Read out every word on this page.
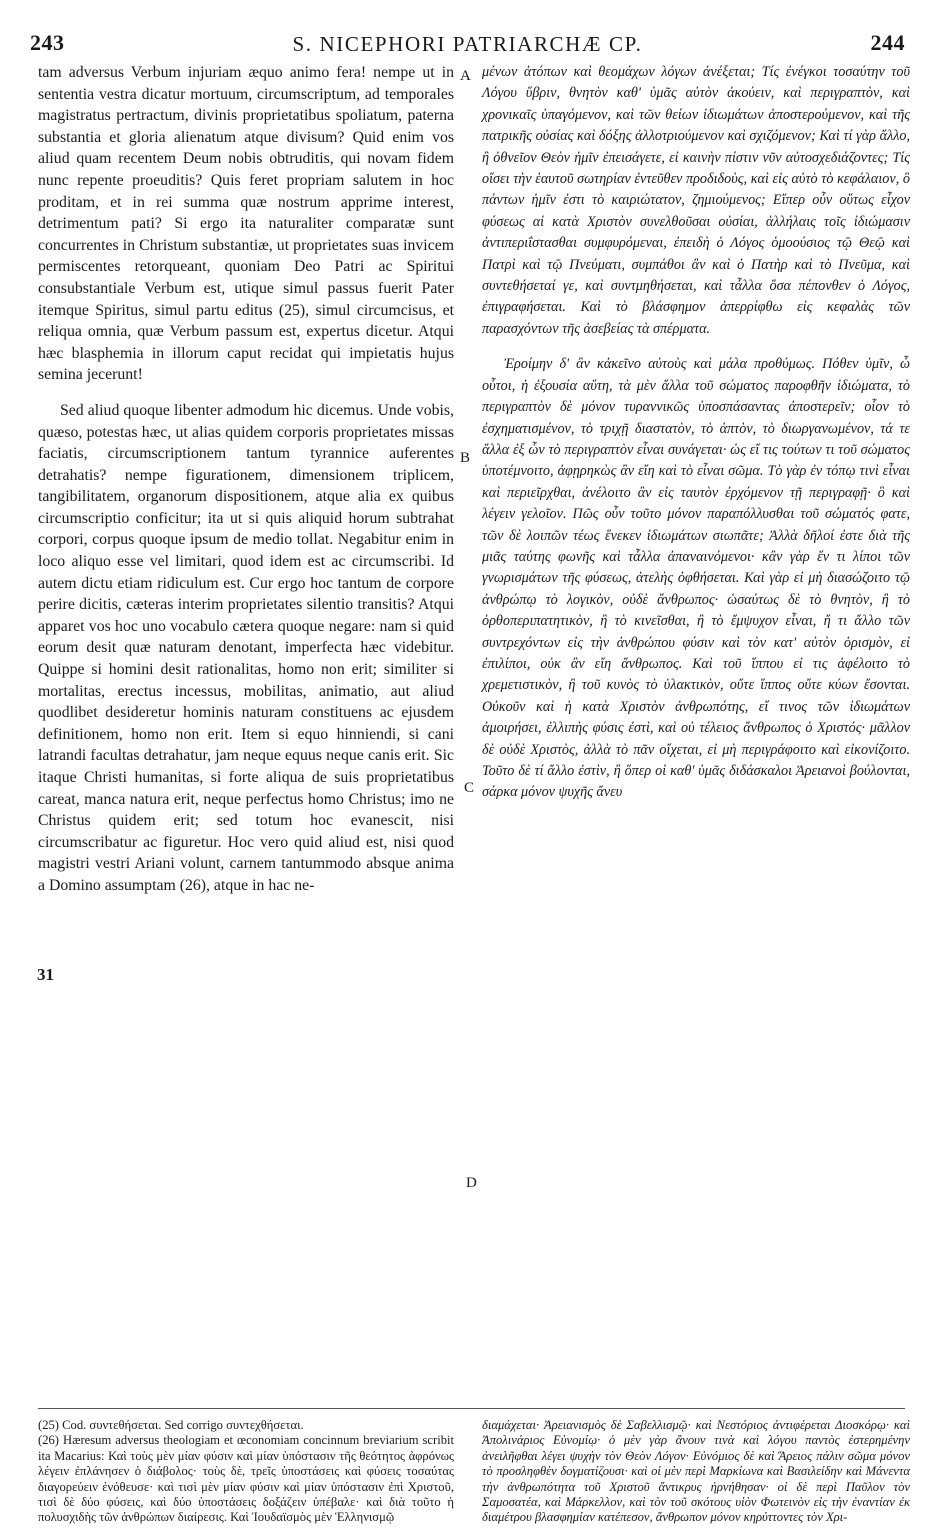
243	S. NICEPHORI PATRIARCHÆ CP.	244

tam adversus Verbum injuriam æquo animo fera! nempe ut in sententia vestra dicatur mortuum, circumscriptum, ad temporales magistratus pertractum, divinis proprietatibus spoliatum, paterna substantia et gloria alienatum atque divisum? Quid enim vos aliud quam recentem Deum nobis obtruditis, qui novam fidem nunc repente proeuditis? Quis feret propriam salutem in hoc proditam, et in rei summa quæ nostrum apprime interest, detrimentum pati? Si ergo ita naturaliter comparatæ sunt concurrentes in Christum substantiæ, ut proprietates suas invicem permiscentes retorqueant, quoniam Deo Patri ac Spiritui consubstantiale Verbum est, utique simul passus fuerit Pater itemque Spiritus, simul partu editus (25), simul circumcisus, et reliqua omnia, quæ Verbum passum est, expertus dicetur. Atqui hæc blasphemia in illorum caput recidat qui impietatis hujus semina jecerunt!

Sed aliud quoque libenter admodum hic dicemus. Unde vobis, quæso, potestas hæc, ut alias quidem corporis proprietates missas faciatis, circumscriptionem tantum tyrannice auferentes detrahatis? nempe figurationem, dimensionem triplicem, tangibilitatem, organorum dispositionem, atque alia ex quibus circumscriptio conficitur; ita ut si quis aliquid horum subtrahat corpori, corpus quoque ipsum de medio tollat. Negabitur enim in loco aliquo esse vel limitari, quod idem est ac circumscribi. Id autem dictu etiam ridiculum est. Cur ergo hoc tantum de corpore perire dicitis, cæteras interim proprietates silentio transitis? Atqui apparet vos hoc uno vocabulo cætera quoque negare: nam si quid eorum desit quæ naturam denotant, imperfecta hæc videbitur. Quippe si homini desit rationalitas, homo non erit; similiter si mortalitas, erectus incessus, mobilitas, animatio, aut aliud quodlibet desideretur hominis naturam constituens ac ejusdem definitionem, homo non erit. Item si equo hinniendi, si cani latrandi facultas detrahatur, jam neque equus neque canis erit. Sic itaque Christi humanitas, si forte aliqua de suis proprietatibus careat, manca natura erit, neque perfectus homo Christus; imo ne Christus quidem erit; sed totum hoc evanescit, nisi circumscribatur ac figuretur. Hoc vero quid aliud est, nisi quod magistri vestri Ariani volunt, carnem tantummodo absque anima a Domino assumptam (26), atque in hac ne-

A
B
C
D
31

μένων ἀτόπων καὶ θεομάχων λόγων ἀνέξεται; Τίς ἐνέγκοι τοσαύτην τοῦ Λόγου ὕβριν, θνητὸν καθ' ὑμᾶς αὐτὸν ἀκούειν, καὶ περιγραπτὸν, καὶ χρονικαῖς ὑπαγόμενον, καὶ τῶν θείων ἰδιωμάτων ἀποστερούμενον, καὶ τῆς πατρικῆς οὐσίας καὶ δόξης ἀλλοτριούμενον καὶ σχιζόμενον; Καὶ τί γὰρ ἄλλο, ἢ ὀθνεῖον Θεὸν ἡμῖν ἐπεισάγετε, εἰ καινὴν πίστιν νῦν αὐτοσχεδιάζοντες; Τίς οἴσει τὴν ἑαυτοῦ σωτηρίαν ἐντεῦθεν προδιδοὺς, καὶ εἰς αὐτὸ τὸ κεφάλαιον, ὃ πάντων ἡμῖν ἐστι τὸ καιριώτατον, ζημιούμενος; Εἴπερ οὖν οὕτως εἶχον φύσεως αἱ κατὰ Χριστὸν συνελθοῦσαι οὐσίαι, ἀλλήλαις τοῖς ἰδιώμασιν ἀντιπεριΐστασθαι συμφυρόμεναι, ἐπειδὴ ὁ Λόγος ὁμοούσιος τῷ Θεῷ καὶ Πατρὶ καὶ τῷ Πνεύματι, συμπάθοι ἂν καὶ ὁ Πατὴρ καὶ τὸ Πνεῦμα, καὶ συντεθήσεταί γε, καὶ συντμηθήσεται, καὶ τἆλλα ὅσα πέπονθεν ὁ Λόγος, ἐπιγραφήσεται. Καὶ τὸ βλάσφημον ἀπερρίφθω εἰς κεφαλὰς τῶν παρασχόντων τῆς ἀσεβείας τὰ σπέρματα.

Ἐροίμην δ' ἂν κἀκεῖνο αὐτοὺς καὶ μάλα προθύμως. Πόθεν ὑμῖν, ὦ οὗτοι, ἡ ἐξουσία αὕτη, τὰ μὲν ἄλλα τοῦ σώματος παροφθῆν ἰδιώματα, τὸ περιγραπτὸν δὲ μόνον τυραννικῶς ὑποσπάσαντας ἀποστερεῖν; οἷον τὸ ἐσχηματισμένον, τὸ τριχῇ διαστατὸν, τὸ ἁπτὸν, τὸ διωργανωμένον, τά τε ἄλλα ἐξ ὧν τὸ περιγραπτὸν εἶναι συνάγεται· ὡς εἴ τις τούτων τι τοῦ σώματος ὑποτέμνοιτο, ἀφῃρηκὼς ἂν εἴη καὶ τὸ εἶναι σῶμα. Τὸ γὰρ ἐν τόπῳ τινὶ εἶναι καὶ περιεῖρχθαι, ἀνέλοιτο ἂν εἰς ταυτὸν ἐρχόμενον τῇ περιγραφῇ· ὃ καὶ λέγειν γελοῖον. Πῶς οὖν τοῦτο μόνον παραπόλλυσθαι τοῦ σώματός φατε, τῶν δὲ λοιπῶν τέως ἕνεκεν ἰδιωμάτων σιωπᾶτε; Ἀλλὰ δῆλοί ἐστε διὰ τῆς μιᾶς ταύτης φωνῆς καὶ τἆλλα ἀπαναινόμενοι· κἂν γὰρ ἕν τι λίποι τῶν γνωρισμάτων τῆς φύσεως, ἀτελὴς ὀφθήσεται. Καὶ γὰρ εἰ μὴ διασώζοιτο τῷ ἀνθρώπῳ τὸ λογικὸν, οὐδὲ ἄνθρωπος· ὡσαύτως δὲ τὸ θνητὸν, ἢ τὸ ὀρθοπεριπατητικὸν, ἢ τὸ κινεῖσθαι, ἢ τὸ ἔμψυχον εἶναι, ἤ τι ἄλλο τῶν συντρεχόντων εἰς τὴν ἀνθρώπου φύσιν καὶ τὸν κατ' αὐτὸν ὁρισμὸν, εἰ ἐπιλίποι, οὐκ ἂν εἴη ἄνθρωπος. Καὶ τοῦ ἵππου εἰ τις ἀφέλοιτο τὸ χρεμετιστικὸν, ἢ τοῦ κυνὸς τὸ ὑλακτικὸν, οὔτε ἵππος οὔτε κύων ἔσονται. Οὐκοῦν καὶ ἡ κατὰ Χριστὸν ἀνθρωπότης, εἴ τινος τῶν ἰδιωμάτων ἀμοιρήσει, ἐλλιπὴς φύσις ἐστὶ, καὶ οὐ τέλειος ἄνθρωπος ὁ Χριστός· μᾶλλον δὲ οὐδὲ Χριστὸς, ἀλλὰ τὸ πᾶν οἴχεται, εἰ μὴ περιγράφοιτο καὶ εἰκονίζοιτο. Τοῦτο δὲ τί ἄλλο ἐστὶν, ἢ ὅπερ οἱ καθ' ὑμᾶς διδάσκαλοι Ἀρειανοὶ βούλονται, σάρκα μόνον ψυχῆς ἄνευ

(25) Cod. συντεθήσεται. Sed corrigo συντεχθήσεται.

(26) Hæresum adversus theologiam et œconomiam concinnum breviarium scribit ita Macarius: Καὶ τοὺς μὲν μίαν φύσιν καὶ μίαν ὑπόστασιν τῆς θεότητος ἀφρόνως λέγειν ἐπλάνησεν ὁ διάβολος· τοὺς δὲ, τρεῖς ὑποστάσεις καὶ φύσεις τοσαύτας διαγορεύειν ἐνόθευσε· καὶ τισὶ μὲν μίαν φύσιν καὶ μίαν ὑπόστασιν ἐπὶ Χριστοῦ, τισὶ δὲ δύο φύσεις, καὶ δύο ὑποστάσεις δοξάζειν ὑπέβαλε· καὶ διὰ τοῦτο ἡ πολυσχιδὴς τῶν ἀνθρώπων διαίρεσις. Καὶ Ἰουδαϊσμὸς μὲν Ἑλληνισμῷ

διαμάχεται· Ἀρειανισμὸς δὲ Σαβελλισμῷ· καὶ Νεστόριος ἀντιφέρεται Διοσκόρῳ· καὶ Ἀπολινάριος Εὐνομίῳ· ὁ μὲν γὰρ ἄνουν τινὰ καὶ λόγου παντὸς ἐστερημένην ἀνειλῆφθαι λέγει ψυχὴν τὸν Θεὸν Λόγον· Εὐνόμιος δὲ καὶ Ἄρειος πάλιν σῶμα μόνον τὸ προσληφθὲν δογματίζουσι· καὶ οἱ μὲν περὶ Μαρκίωνα καὶ Βασιλείδην καὶ Μάνεντα τὴν ἀνθρωπότητα τοῦ Χριστοῦ ἄντικρυς ἠρνήθησαν· οἱ δὲ περὶ Παῦλον τὸν Σαμοσατέα, καὶ Μάρκελλον, καὶ τὸν τοῦ σκότους υἱὸν Φωτεινὸν εἰς τὴν ἐναντίαν ἐκ διαμέτρου βλασφημίαν κατέπεσον, ἄνθρωπον μόνον κηρύττοντες τὸν Χρι-
